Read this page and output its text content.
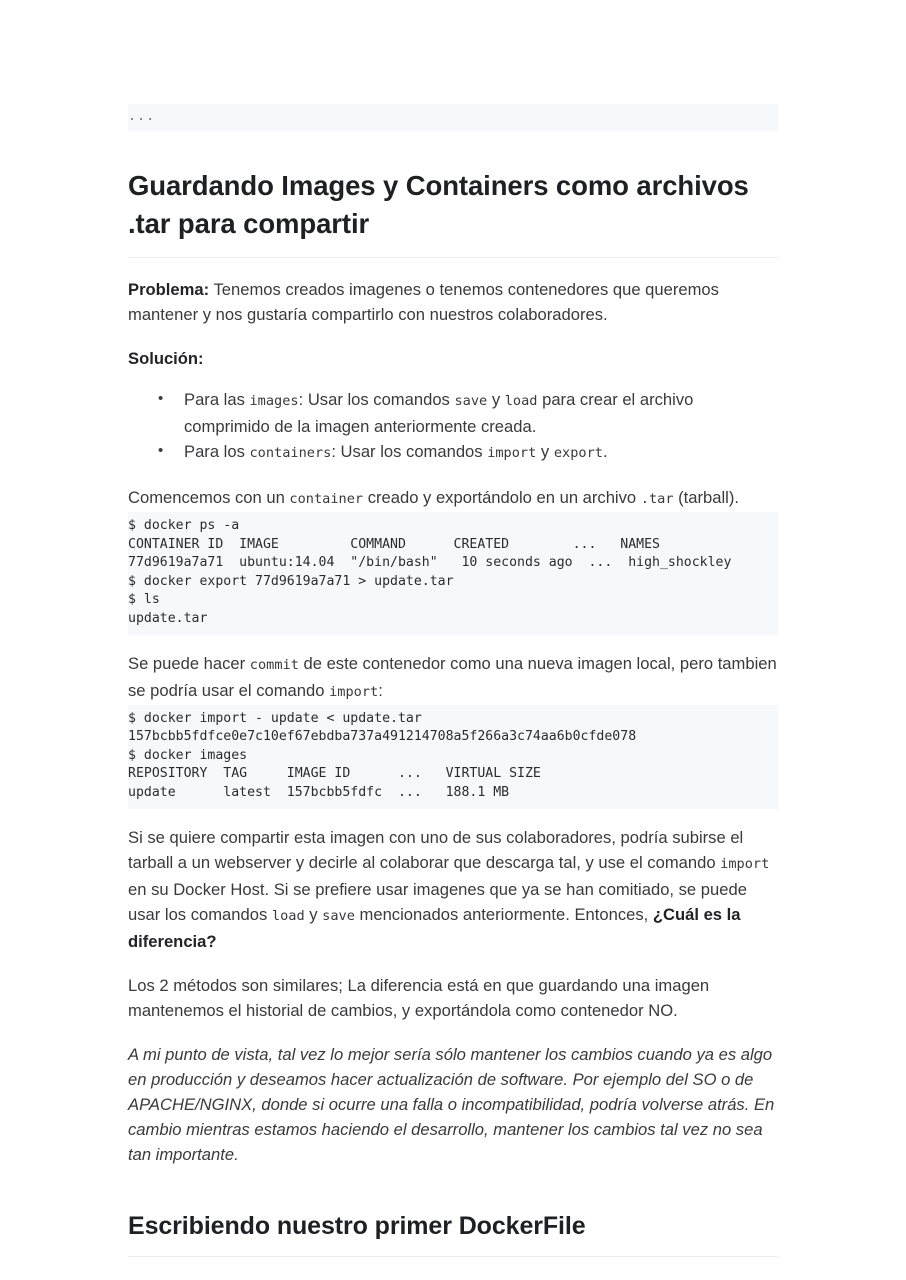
...
Guardando Images y Containers como archivos .tar para compartir

Problema: Tenemos creados imagenes o tenemos contenedores que queremos mantener y nos gustaría compartirlo con nuestros colaboradores.

Solución:

• Para las images: Usar los comandos save y load para crear el archivo comprimido de la imagen anteriormente creada.
• Para los containers: Usar los comandos import y export.

Comencemos con un container creado y exportándolo en un archivo .tar (tarball).

$ docker ps -a
CONTAINER ID  IMAGE         COMMAND      CREATED        ...   NAMES
77d9619a7a71  ubuntu:14.04  "/bin/bash"   10 seconds ago  ...  high_shockley
$ docker export 77d9619a7a71 > update.tar
$ ls
update.tar

Se puede hacer commit de este contenedor como una nueva imagen local, pero tambien se podría usar el comando import:

$ docker import - update < update.tar
157bcbb5fdfce0e7c10ef67ebdba737a491214708a5f266a3c74aa6b0cfde078
$ docker images
REPOSITORY  TAG     IMAGE ID      ...   VIRTUAL SIZE
update      latest  157bcbb5fdfc  ...   188.1 MB

Si se quiere compartir esta imagen con uno de sus colaboradores, podría subirse el tarball a un webserver y decirle al colaborar que descarga tal, y use el comando import en su Docker Host. Si se prefiere usar imagenes que ya se han comitiado, se puede usar los comandos load y save mencionados anteriormente. Entonces, ¿Cuál es la diferencia?

Los 2 métodos son similares; La diferencia está en que guardando una imagen mantenemos el historial de cambios, y exportándola como contenedor NO.

A mi punto de vista, tal vez lo mejor sería sólo mantener los cambios cuando ya es algo en producción y deseamos hacer actualización de software. Por ejemplo del SO o de APACHE/NGINX, donde si ocurre una falla o incompatibilidad, podría volverse atrás. En cambio mientras estamos haciendo el desarrollo, mantener los cambios tal vez no sea tan importante.

Escribiendo nuestro primer DockerFile
